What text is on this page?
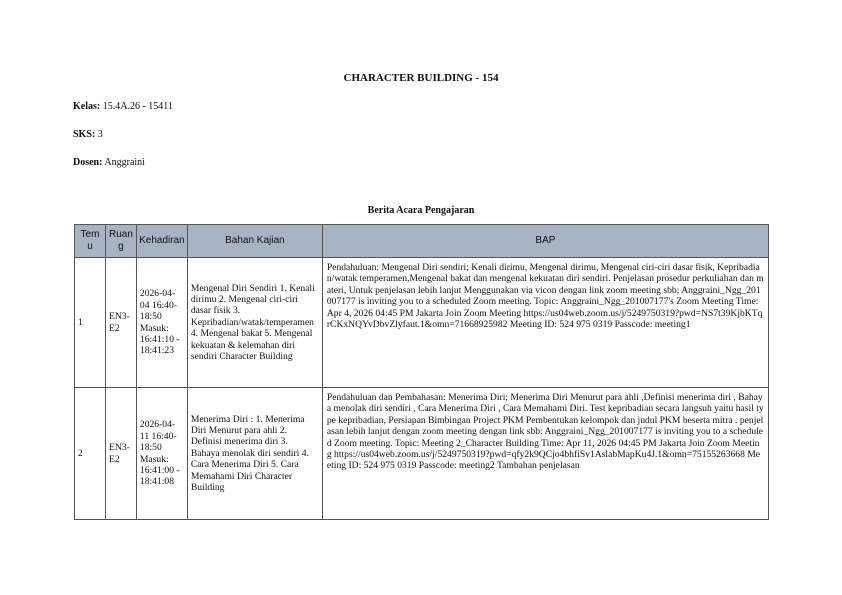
CHARACTER BUILDING - 154
Kelas: 15.4A.26 - 15411
SKS: 3
Dosen: Anggraini
Berita Acara Pengajaran
Tem u	Ruang	Kehadiran	Bahan Kajian	BAP
1	EN3-E2	2026-04-04 16:40-18:50 Masuk: 16:41:10 - 18:41:23	Mengenal Diri Sendiri 1. Kenali dirimu 2. Mengenal ciri-ciri dasar fisik 3. Kepribadian/watak/temperamen 4. Mengenal bakat 5. Mengenal kekuatan & kelemahan diri sendiri Character Building	Pendahuluan: Mengenal Diri sendiri; Kenali dirimu, Mengenal dirimu, Mengenal ciri-ciri dasar fisik, Kepribadian/watak temperamen,Mengenal bakat dan mengenal kekuatan diri sendiri. Penjelasan prosedur perkuliahan dan materi, Untuk penjelasan lebih lanjut Menggunakan via vicon dengan link zoom meeting sbb; Anggraini_Ngg_201007177 is inviting you to a scheduled Zoom meeting. Topic: Anggraini_Ngg_201007177's Zoom Meeting Time: Apr 4, 2026 04:45 PM Jakarta Join Zoom Meeting https://us04web.zoom.us/j/5249750319?pwd=NS7t39KjbKTqrCKxNQYvDbvZlyfaut.1&omn=71668925982 Meeting ID: 524 975 0319 Passcode: meeting1
2	EN3-E2	2026-04-11 16:40-18:50 Masuk: 16:41:00 - 18:41:08	Menerima Diri : 1. Menerima Diri Menurut para ahli 2. Definisi menerima diri 3. Bahaya menolak diri sendiri 4. Cara Menerima Diri 5. Cara Memahami Diri Character Building	Pendahuluan dan Pembahasan: Menerima Diri; Menerima Diri Menurut para ahli ,Definisi menerima diri , Bahaya menolak diri sendiri , Cara Menerima Diri , Cara Memahami Diri. Test kepribadian secara langsuh yaitu hasil type kepribadian, Persiapan Bimbingan Project PKM Pembentukan kelompok dan judul PKM beserta mitra . penjelasan lebih lanjut dengan zoom meeting dengan link sbb: Anggraini_Ngg_201007177 is inviting you to a scheduled Zoom meeting. Topic: Meeting 2_Character Building Time: Apr 11, 2026 04:45 PM Jakarta Join Zoom Meeting https://us04web.zoom.us/j/5249750319?pwd=qfy2k9QCjo4bhfiSv1AslabMapKu4J.1&omn=75155263668 Meeting ID: 524 975 0319 Passcode: meeting2 Tambahan penjelasan
